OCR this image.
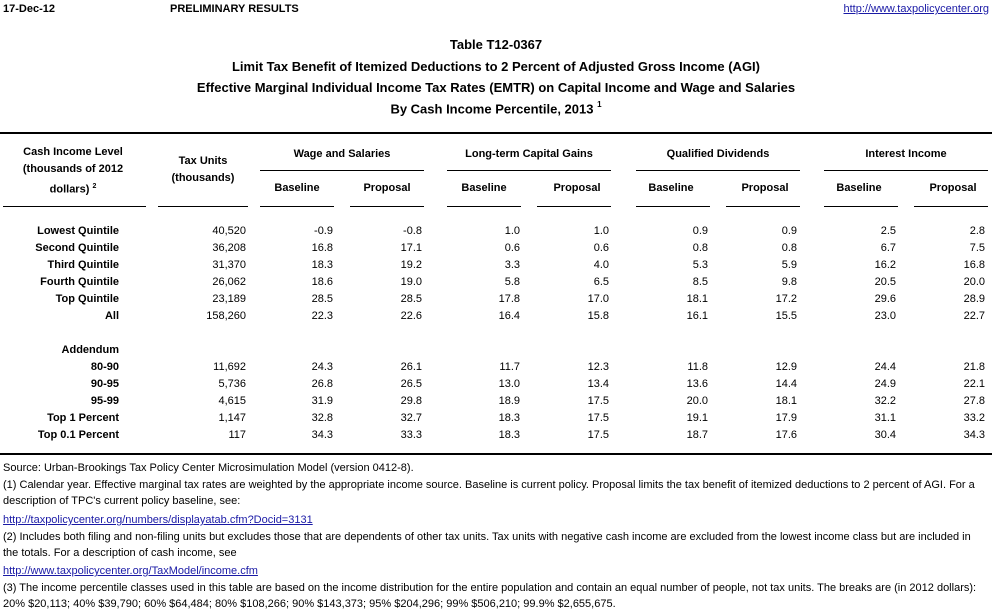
17-Dec-12	PRELIMINARY RESULTS	http://www.taxpolicycenter.org
Table T12-0367
Limit Tax Benefit of Itemized Deductions to 2 Percent of Adjusted Gross Income (AGI)
Effective Marginal Individual Income Tax Rates (EMTR) on Capital Income and Wage and Salaries
By Cash Income Percentile, 2013 $^1$
Cash Income Level
(thousands of 2012
dollars) $^2$
Tax Units
(thousands)
Wage and Salaries	Long-term Capital Gains	Qualified Dividends	Interest Income
Baseline	Proposal	Baseline	Proposal	Baseline	Proposal	Baseline	Proposal
Lowest Quintile	40,520	-0.9	-0.8	1.0	1.0	0.9	0.9	2.5	2.8
Second Quintile	36,208	16.8	17.1	0.6	0.6	0.8	0.8	6.7	7.5
Third Quintile	31,370	18.3	19.2	3.3	4.0	5.3	5.9	16.2	16.8
Fourth Quintile	26,062	18.6	19.0	5.8	6.5	8.5	9.8	20.5	20.0
Top Quintile	23,189	28.5	28.5	17.8	17.0	18.1	17.2	29.6	28.9
All	158,260	22.3	22.6	16.4	15.8	16.1	15.5	23.0	22.7
80-90	11,692	24.3	26.1	11.7	12.3	11.8	12.9	24.4	21.8
90-95	5,736	26.8	26.5	13.0	13.4	13.6	14.4	24.9	22.1
95-99	4,615	31.9	29.8	18.9	17.5	20.0	18.1	32.2	27.8
Top 1 Percent	1,147	32.8	32.7	18.3	17.5	19.1	17.9	31.1	33.2
Top 0.1 Percent	117	34.3	33.3	18.3	17.5	18.7	17.6	30.4	34.3
Addendum
Source: Urban-Brookings Tax Policy Center Microsimulation Model (version 0412-8).
(1) Calendar year. Effective marginal tax rates are weighted by the appropriate income source. Baseline is current policy. Proposal limits the tax benefit of itemized deductions to 2 percent of AGI. For a description of TPC's current policy baseline, see:
http://taxpolicycenter.org/numbers/displayatab.cfm?Docid=3131
(2) Includes both filing and non-filing units but excludes those that are dependents of other tax units. Tax units with negative cash income are excluded from the lowest income class but are included in the totals. For a description of cash income, see
http://www.taxpolicycenter.org/TaxModel/income.cfm
(3) The income percentile classes used in this table are based on the income distribution for the entire population and contain an equal number of people, not tax units. The breaks are (in 2012 dollars): 20% $20,113; 40% $39,790; 60% $64,484; 80% $108,266; 90% $143,373; 95% $204,296; 99% $506,210; 99.9% $2,655,675.
